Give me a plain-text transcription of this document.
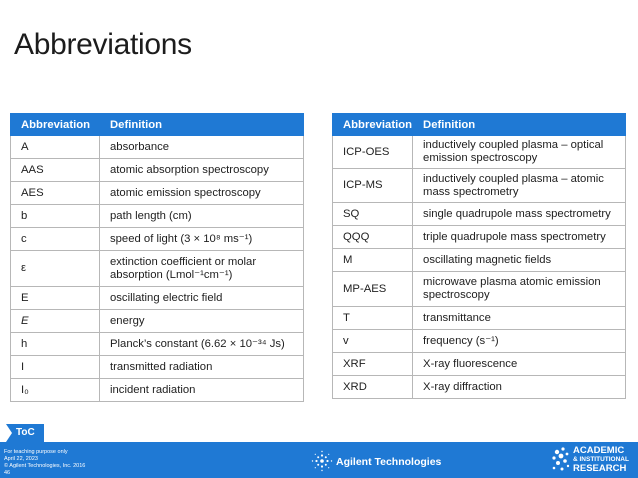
Abbreviations
Abbreviation	Definition
A	absorbance
AAS	atomic absorption spectroscopy
AES	atomic emission spectroscopy
b	path length (cm)
c	speed of light (3 × 10⁸ ms⁻¹)
ε	extinction coefficient or molar absorption (Lmol⁻¹cm⁻¹)
E	oscillating electric field
E	energy
h	Planck’s constant (6.62 × 10⁻³⁴ Js)
I	transmitted radiation
I₀	incident radiation
Abbreviation	Definition
ICP-OES	inductively coupled plasma – optical emission spectroscopy
ICP-MS	inductively coupled plasma – atomic mass spectrometry
SQ	single quadrupole mass spectrometry
QQQ	triple quadrupole mass spectrometry
M	oscillating magnetic fields
MP-AES	microwave plasma atomic emission spectroscopy
T	transmittance
v	frequency (s⁻¹)
XRF	X-ray fluorescence
XRD	X-ray diffraction
ToC
For teaching purpose only
April 22, 2023
© Agilent Technologies, Inc. 2016
46
Agilent Technologies
ACADEMIC
& INSTITUTIONAL
RESEARCH
